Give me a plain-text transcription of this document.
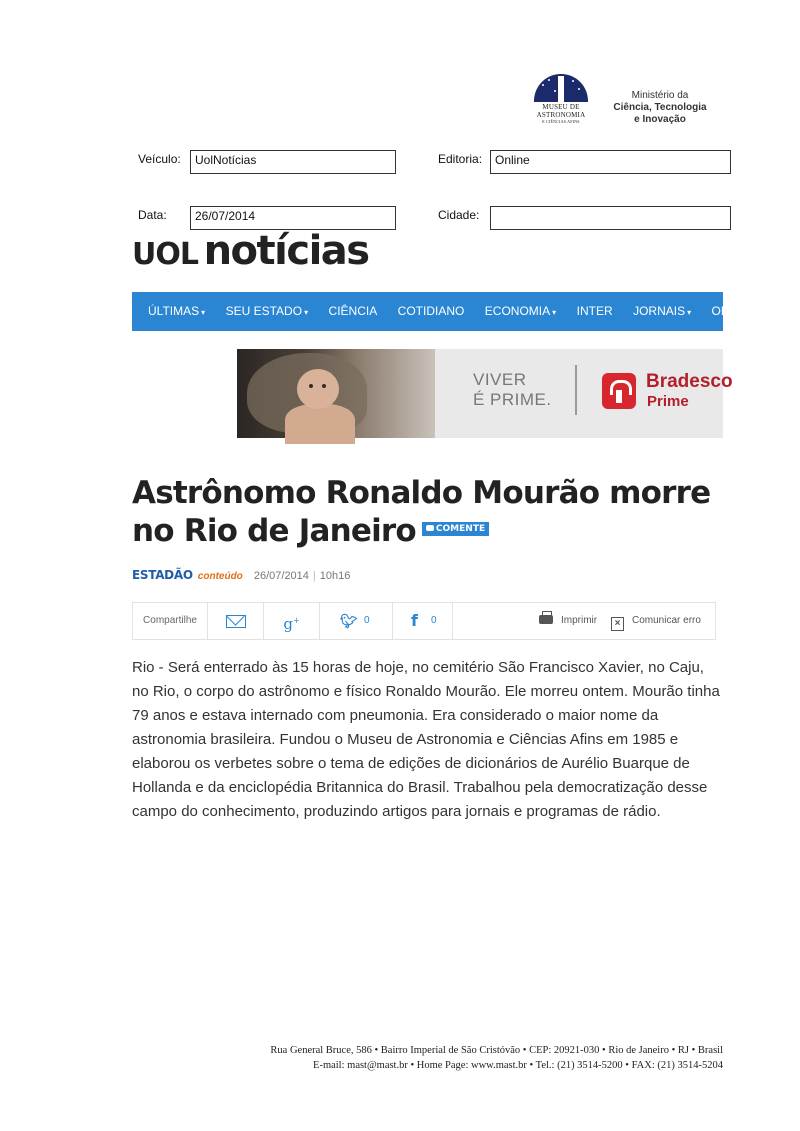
MUSEU DE
ASTRONOMIA
E CIÊNCIAS AFINS
Ministério da
Ciência, Tecnologia
e Inovação
Veículo:	UolNotícias	Editoria:	Online
Data:	26/07/2014	Cidade:
UOL notícias
ÚLTIMAS ▾ SEU ESTADO ▾ CIÊNCIA COTIDIANO ECONOMIA ▾ INTER JORNAIS ▾ OPINIÃO
VIVER
É PRIME.
Bradesco
Prime
Astrônomo Ronaldo Mourão morre no Rio de Janeiro COMENTE
ESTADÃO conteúdo 26/07/2014 | 10h16
Compartilhe	g+	🐦︎ 0	f 0	Imprimir	× Comunicar erro

Rio - Será enterrado às 15 horas de hoje, no cemitério São Francisco Xavier, no Caju, no Rio, o corpo do astrônomo e físico Ronaldo Mourão. Ele morreu ontem. Mourão tinha 79 anos e estava internado com pneumonia. Era considerado o maior nome da astronomia brasileira. Fundou o Museu de Astronomia e Ciências Afins em 1985 e elaborou os verbetes sobre o tema de edições de dicionários de Aurélio Buarque de Hollanda e da enciclopédia Britannica do Brasil. Trabalhou pela democratização desse campo do conhecimento, produzindo artigos para jornais e programas de rádio.

Rua General Bruce, 586 • Bairro Imperial de São Cristóvão • CEP: 20921-030 • Rio de Janeiro • RJ • Brasil
E-mail: mast@mast.br • Home Page: www.mast.br • Tel.: (21) 3514-5200 • FAX: (21) 3514-5204
